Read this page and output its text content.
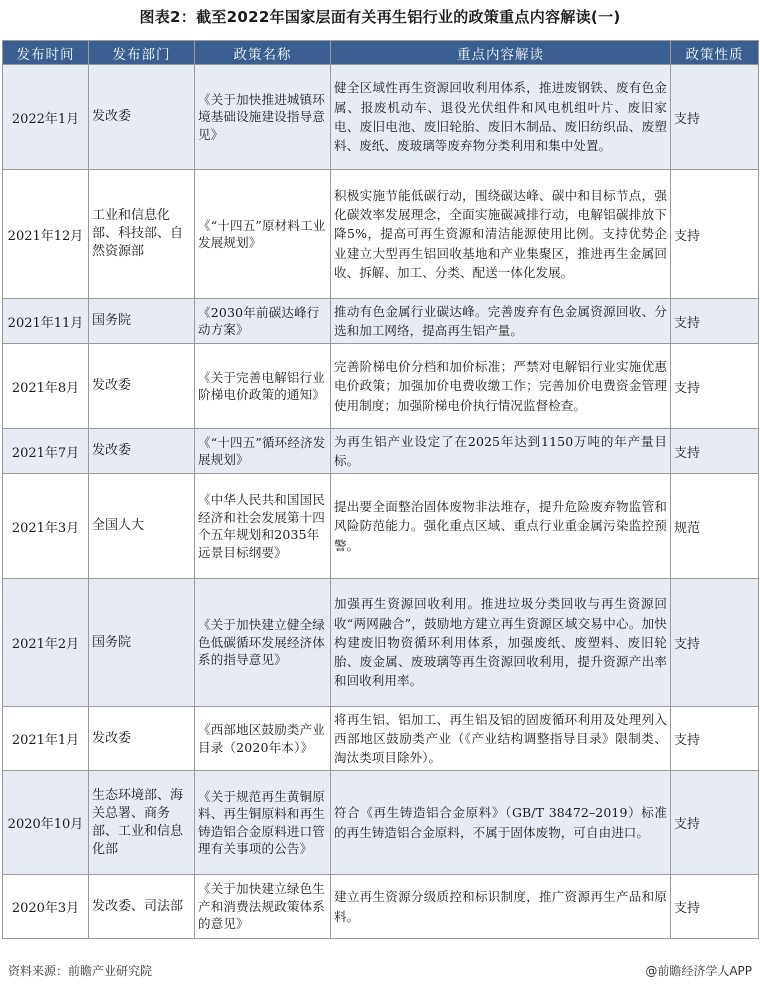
图表2：截至2022年国家层面有关再生铝行业的政策重点内容解读(一)
发布时间	发布部门	政策名称	重点内容解读	政策性质
2022年1月	发改委	《关于加快推进城镇环境基础设施建设指导意见》	健全区域性再生资源回收利用体系，推进废钢铁、废有色金属、报废机动车、退役光伏组件和风电机组叶片、废旧家电、废旧电池、废旧轮胎、废旧木制品、废旧纺织品、废塑料、废纸、废玻璃等废弃物分类利用和集中处置。	支持
2021年12月	工业和信息化部、科技部、自然资源部	《“十四五”原材料工业发展规划》	积极实施节能低碳行动，围绕碳达峰、碳中和目标节点，强化碳效率发展理念，全面实施碳减排行动，电解铝碳排放下降5%，提高可再生资源和清洁能源使用比例。支持优势企业建立大型再生铝回收基地和产业集聚区，推进再生金属回收、拆解、加工、分类、配送一体化发展。	支持
2021年11月	国务院	《2030年前碳达峰行动方案》	推动有色金属行业碳达峰。完善废弃有色金属资源回收、分选和加工网络，提高再生铝产量。	支持
2021年8月	发改委	《关于完善电解铝行业阶梯电价政策的通知》	完善阶梯电价分档和加价标准；严禁对电解铝行业实施优惠电价政策；加强加价电费收缴工作；完善加价电费资金管理使用制度；加强阶梯电价执行情况监督检查。	支持
2021年7月	发改委	《“十四五”循环经济发展规划》	为再生铝产业设定了在2025年达到1150万吨的年产量目标。	支持
2021年3月	全国人大	《中华人民共和国国民经济和社会发展第十四个五年规划和2035年远景目标纲要》	提出要全面整治固体废物非法堆存，提升危险废弃物监管和风险防范能力。强化重点区域、重点行业重金属污染监控预警。	规范
2021年2月	国务院	《关于加快建立健全绿色低碳循环发展经济体系的指导意见》	加强再生资源回收利用。推进垃圾分类回收与再生资源回收“两网融合”，鼓励地方建立再生资源区域交易中心。加快构建废旧物资循环利用体系，加强废纸、废塑料、废旧轮胎、废金属、废玻璃等再生资源回收利用，提升资源产出率和回收利用率。	支持
2021年1月	发改委	《西部地区鼓励类产业目录（2020年本）》	将再生铝、铝加工、再生铝及铝的固废循环利用及处理列入西部地区鼓励类产业（《产业结构调整指导目录》限制类、淘汰类项目除外）。	支持
2020年10月	生态环境部、海关总署、商务部、工业和信息化部	《关于规范再生黄铜原料、再生铜原料和再生铸造铝合金原料进口管理有关事项的公告》	符合《再生铸造铝合金原料》（GB/T 38472–2019）标准的再生铸造铝合金原料，不属于固体废物，可自由进口。	支持
2020年3月	发改委、司法部	《关于加快建立绿色生产和消费法规政策体系的意见》	建立再生资源分级质控和标识制度，推广资源再生产品和原料。	支持
资料来源：前瞻产业研究院	@前瞻经济学人APP
